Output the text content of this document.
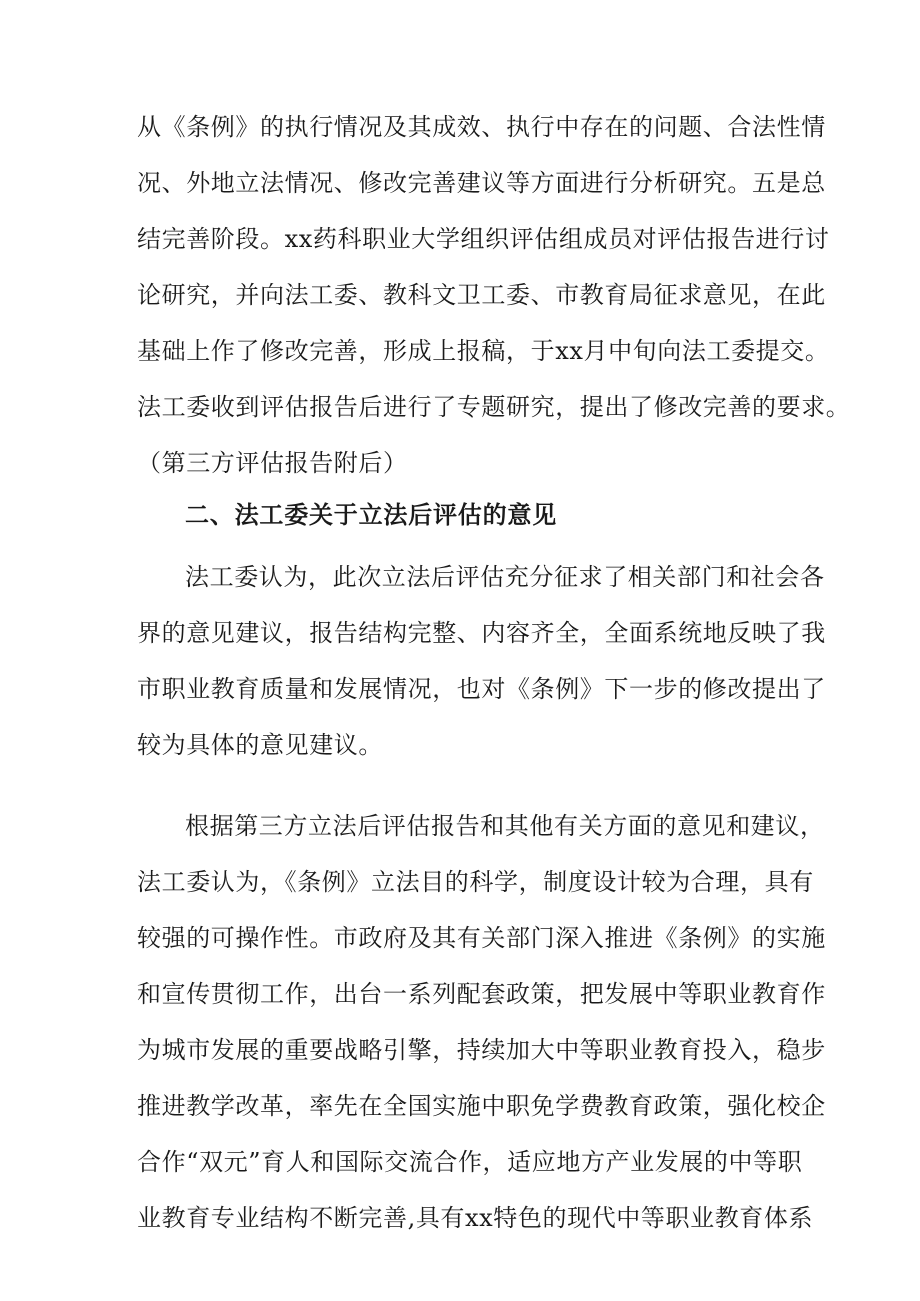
从《条例》的执行情况及其成效、执行中存在的问题、合法性情
况、外地立法情况、修改完善建议等方面进行分析研究。五是总
结完善阶段。xx药科职业大学组织评估组成员对评估报告进行讨
论研究，并向法工委、教科文卫工委、市教育局征求意见，在此
基础上作了修改完善，形成上报稿，于xx月中旬向法工委提交。
法工委收到评估报告后进行了专题研究，提出了修改完善的要求。
（第三方评估报告附后）
二、法工委关于立法后评估的意见
法工委认为，此次立法后评估充分征求了相关部门和社会各
界的意见建议，报告结构完整、内容齐全，全面系统地反映了我
市职业教育质量和发展情况，也对《条例》下一步的修改提出了
较为具体的意见建议。
根据第三方立法后评估报告和其他有关方面的意见和建议，
法工委认为，《条例》立法目的科学，制度设计较为合理，具有
较强的可操作性。市政府及其有关部门深入推进《条例》的实施
和宣传贯彻工作，出台一系列配套政策，把发展中等职业教育作
为城市发展的重要战略引擎，持续加大中等职业教育投入，稳步
推进教学改革，率先在全国实施中职免学费教育政策，强化校企
合作“双元”育人和国际交流合作，适应地方产业发展的中等职
业教育专业结构不断完善,具有xx特色的现代中等职业教育体系
